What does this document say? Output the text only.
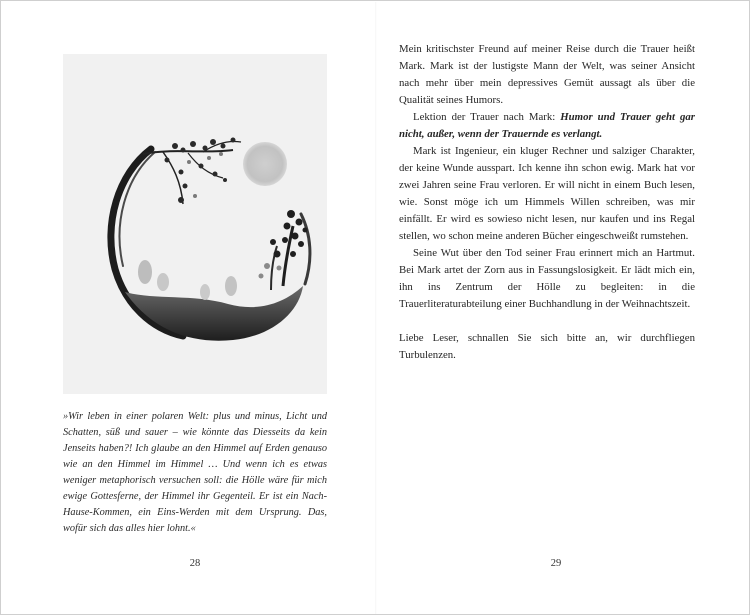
»Wir leben in einer polaren Welt: plus und minus, Licht und Schatten, süß und sauer – wie könnte das Diesseits da kein Jenseits haben?! Ich glaube an den Himmel auf Erden genauso wie an den Himmel im Himmel … Und wenn ich es etwas weniger metaphorisch versuchen soll: die Hölle wäre für mich ewige Gottesferne, der Himmel ihr Gegenteil. Er ist ein Nach-Hause-Kommen, ein Eins-Werden mit dem Ursprung. Das, wofür sich das alles hier lohnt.«

28

Mein kritischster Freund auf meiner Reise durch die Trauer heißt Mark. Mark ist der lustigste Mann der Welt, was seiner Ansicht nach mehr über mein depressives Gemüt aussagt als über die Qualität seines Humors.

Lektion der Trauer nach Mark: Humor und Trauer geht gar nicht, außer, wenn der Trauernde es verlangt.

Mark ist Ingenieur, ein kluger Rechner und salziger Charakter, der keine Wunde ausspart. Ich kenne ihn schon ewig. Mark hat vor zwei Jahren seine Frau verloren. Er will nicht in einem Buch lesen, wie. Sonst möge ich um Himmels Willen schreiben, was mir einfällt. Er wird es sowieso nicht lesen, nur kaufen und ins Regal stellen, wo schon meine anderen Bücher eingeschweißt rumstehen.

Seine Wut über den Tod seiner Frau erinnert mich an Hartmut. Bei Mark artet der Zorn aus in Fassungslosigkeit. Er lädt mich ein, ihn ins Zentrum der Hölle zu begleiten: in die Trauerliteraturabteilung einer Buchhandlung in der Weihnachtszeit.

Liebe Leser, schnallen Sie sich bitte an, wir durchfliegen Turbulenzen.

29
